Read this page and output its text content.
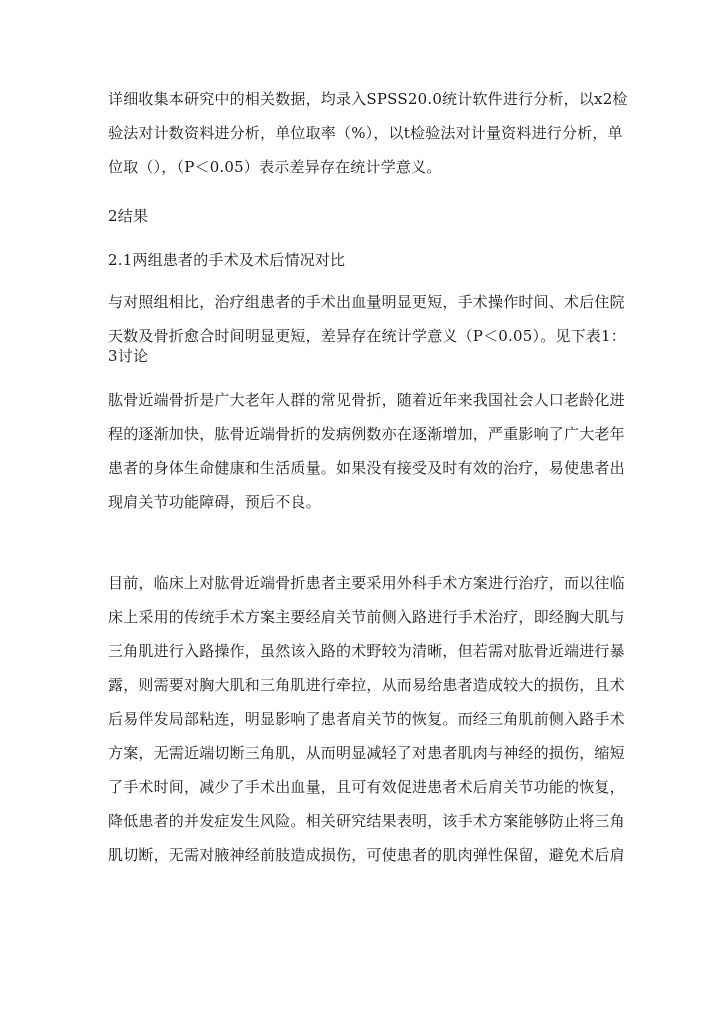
详细收集本研究中的相关数据，均录入SPSS20.0统计软件进行分析，以x2检
验法对计数资料进分析，单位取率（%），以t检验法对计量资料进行分析，单
位取（），（P＜0.05）表示差异存在统计学意义。
2结果
2.1两组患者的手术及术后情况对比
与对照组相比，治疗组患者的手术出血量明显更短，手术操作时间、术后住院
天数及骨折愈合时间明显更短，差异存在统计学意义（P＜0.05）。见下表1：
3讨论
肱骨近端骨折是广大老年人群的常见骨折，随着近年来我国社会人口老龄化进
程的逐渐加快，肱骨近端骨折的发病例数亦在逐渐增加，严重影响了广大老年
患者的身体生命健康和生活质量。如果没有接受及时有效的治疗，易使患者出
现肩关节功能障碍，预后不良。
目前，临床上对肱骨近端骨折患者主要采用外科手术方案进行治疗，而以往临
床上采用的传统手术方案主要经肩关节前侧入路进行手术治疗，即经胸大肌与
三角肌进行入路操作，虽然该入路的术野较为清晰，但若需对肱骨近端进行暴
露，则需要对胸大肌和三角肌进行牵拉，从而易给患者造成较大的损伤，且术
后易伴发局部粘连，明显影响了患者肩关节的恢复。而经三角肌前侧入路手术
方案，无需近端切断三角肌，从而明显减轻了对患者肌肉与神经的损伤，缩短
了手术时间，减少了手术出血量，且可有效促进患者术后肩关节功能的恢复，
降低患者的并发症发生风险。相关研究结果表明，该手术方案能够防止将三角
肌切断，无需对腋神经前肢造成损伤，可使患者的肌肉弹性保留，避免术后肩
